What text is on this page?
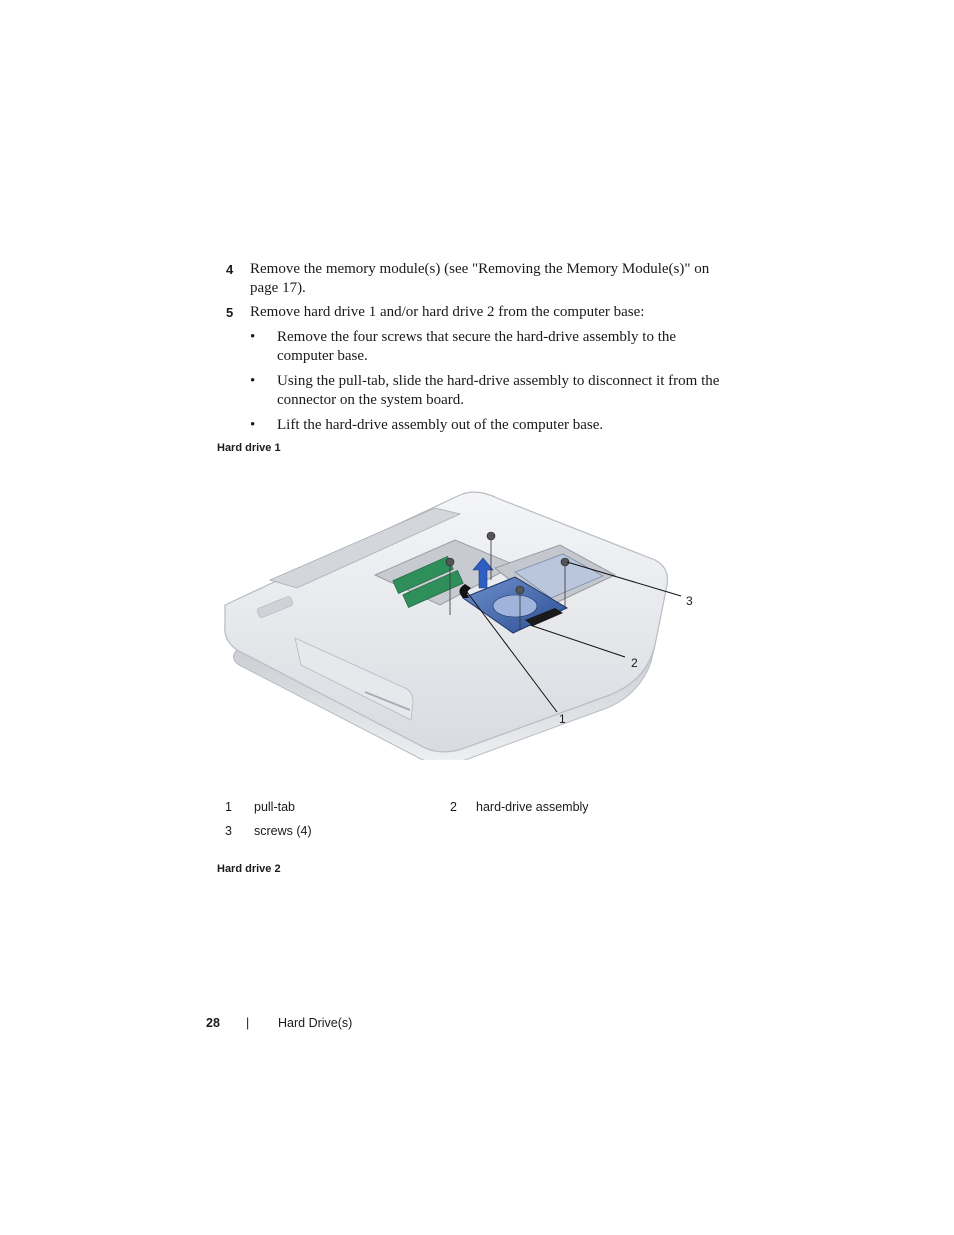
4 Remove the memory module(s) (see "Removing the Memory Module(s)" on page 17).
5 Remove hard drive 1 and/or hard drive 2 from the computer base:
• Remove the four screws that secure the hard-drive assembly to the computer base.
• Using the pull-tab, slide the hard-drive assembly to disconnect it from the connector on the system board.
• Lift the hard-drive assembly out of the computer base.
Hard drive 1
1
2
3
1 pull-tab	2 hard-drive assembly
3 screws (4)
Hard drive 2
28 | Hard Drive(s)
